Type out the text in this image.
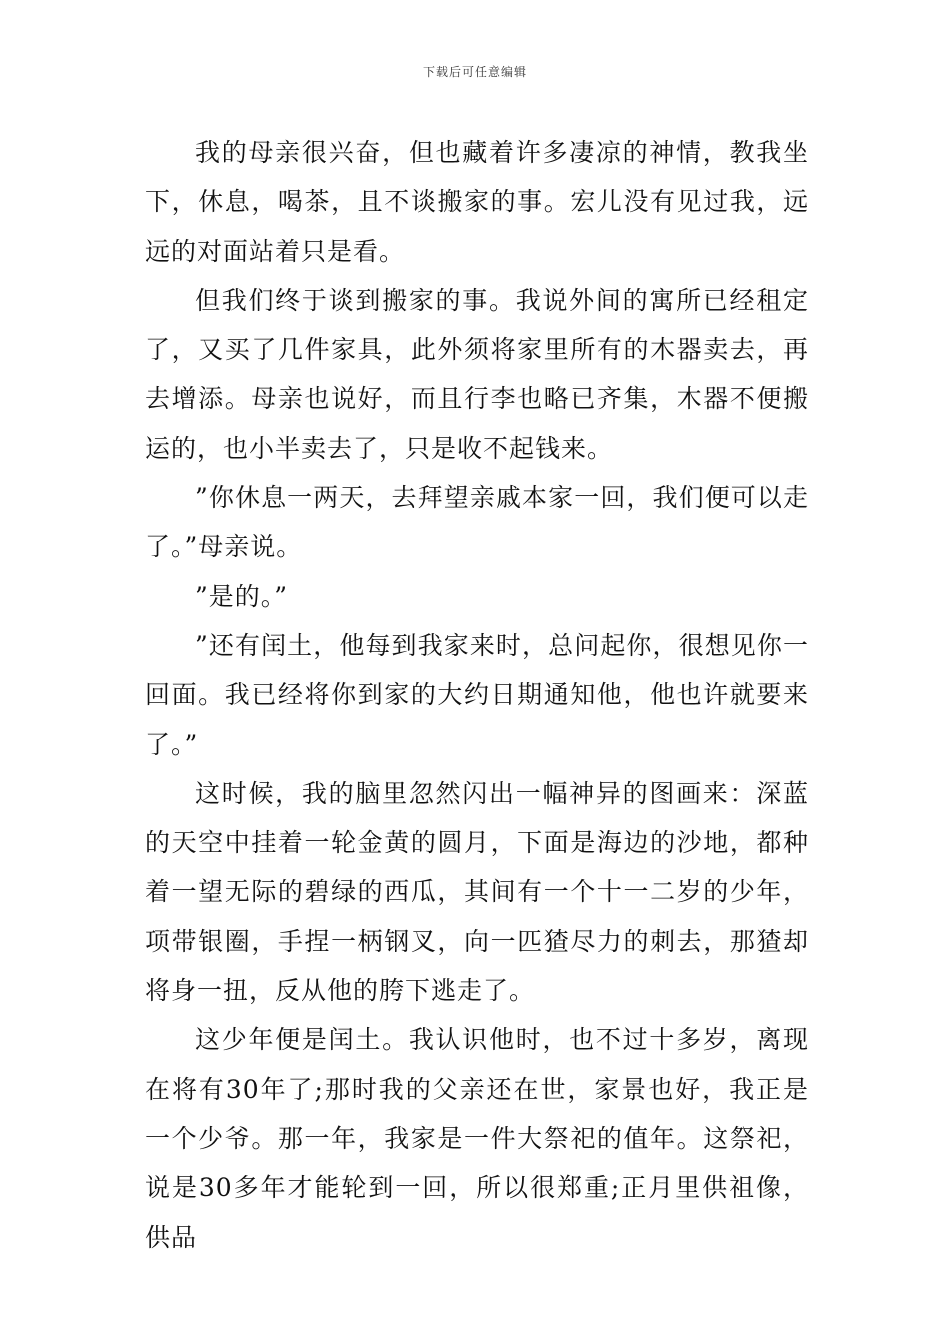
下载后可任意编辑

我的母亲很兴奋，但也藏着许多凄凉的神情，教我坐下，休息，喝茶，且不谈搬家的事。宏儿没有见过我，远远的对面站着只是看。

但我们终于谈到搬家的事。我说外间的寓所已经租定了，又买了几件家具，此外须将家里所有的木器卖去，再去增添。母亲也说好，而且行李也略已齐集，木器不便搬运的，也小半卖去了，只是收不起钱来。

”你休息一两天，去拜望亲戚本家一回，我们便可以走了。”母亲说。

”是的。”

”还有闰土，他每到我家来时，总问起你，很想见你一回面。我已经将你到家的大约日期通知他，他也许就要来了。”

这时候，我的脑里忽然闪出一幅神异的图画来：深蓝的天空中挂着一轮金黄的圆月，下面是海边的沙地，都种着一望无际的碧绿的西瓜，其间有一个十一二岁的少年，项带银圈，手捏一柄钢叉，向一匹猹尽力的刺去，那猹却将身一扭，反从他的胯下逃走了。

这少年便是闰土。我认识他时，也不过十多岁，离现在将有30年了;那时我的父亲还在世，家景也好，我正是一个少爷。那一年，我家是一件大祭祀的值年。这祭祀，说是30多年才能轮到一回，所以很郑重;正月里供祖像，供品
